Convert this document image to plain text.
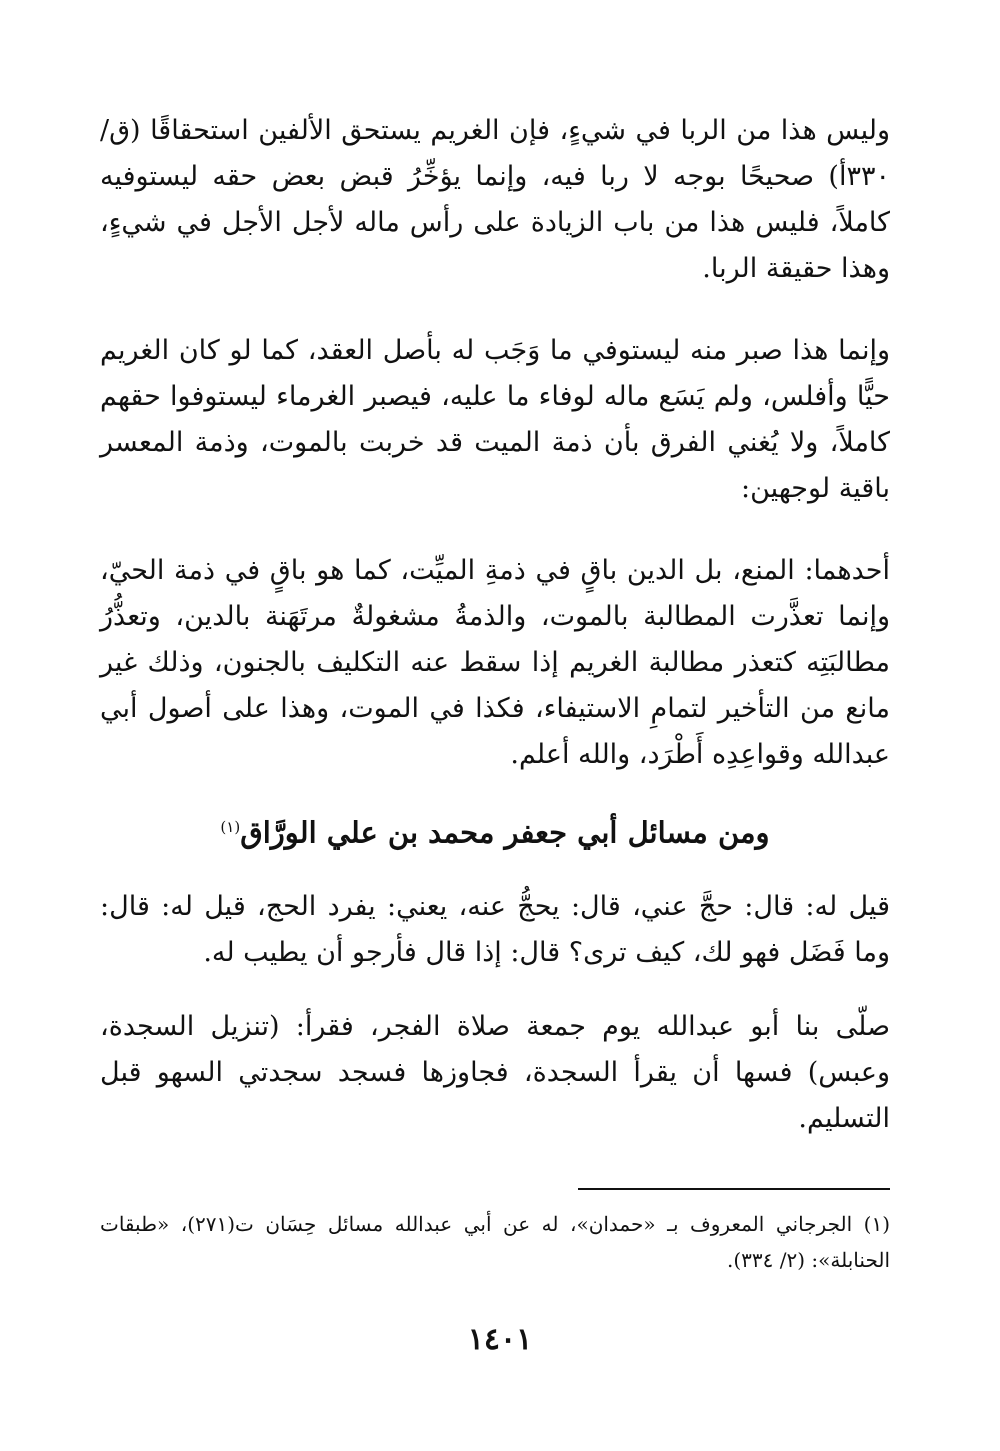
وليس هذا من الربا في شيءٍ، فإن الغريم يستحق الألفين استحقاقًا (ق/٣٣٠أ) صحيحًا بوجه لا ربا فيه، وإنما يؤخِّرُ قبض بعض حقه ليستوفيه كاملاً، فليس هذا من باب الزيادة على رأس ماله لأجل الأجل في شيءٍ، وهذا حقيقة الربا.

وإنما هذا صبر منه ليستوفي ما وَجَب له بأصل العقد، كما لو كان الغريم حيًّا وأفلس، ولم يَسَع ماله لوفاء ما عليه، فيصبر الغرماء ليستوفوا حقهم كاملاً، ولا يُغني الفرق بأن ذمة الميت قد خربت بالموت، وذمة المعسر باقية لوجهين:

أحدهما: المنع، بل الدين باقٍ في ذمةِ الميِّت، كما هو باقٍ في ذمة الحيّ، وإنما تعذَّرت المطالبة بالموت، والذمةُ مشغولةٌ مرتَهَنة بالدين، وتعذُّرُ مطالبَتِه كتعذر مطالبة الغريم إذا سقط عنه التكليف بالجنون، وذلك غير مانع من التأخير لتمامِ الاستيفاء، فكذا في الموت، وهذا على أصول أبي عبدالله وقواعِدِه أَطْرَد، والله أعلم.

ومن مسائل أبي جعفر محمد بن علي الورَّاق$^{(١)}$

قيل له: قال: حجَّ عني، قال: يحجُّ عنه، يعني: يفرد الحج، قيل له: قال: وما فَضَل فهو لك، كيف ترى؟ قال: إذا قال فأرجو أن يطيب له.

صلّى بنا أبو عبدالله يوم جمعة صلاة الفجر، فقرأ: (تنزيل السجدة، وعبس) فسها أن يقرأ السجدة، فجاوزها فسجد سجدتي السهو قبل التسليم.

(١) الجرجاني المعروف بـ «حمدان»، له عن أبي عبدالله مسائل حِسَان ت(٢٧١)، «طبقات الحنابلة»: (٢/ ٣٣٤).

١٤٠١
